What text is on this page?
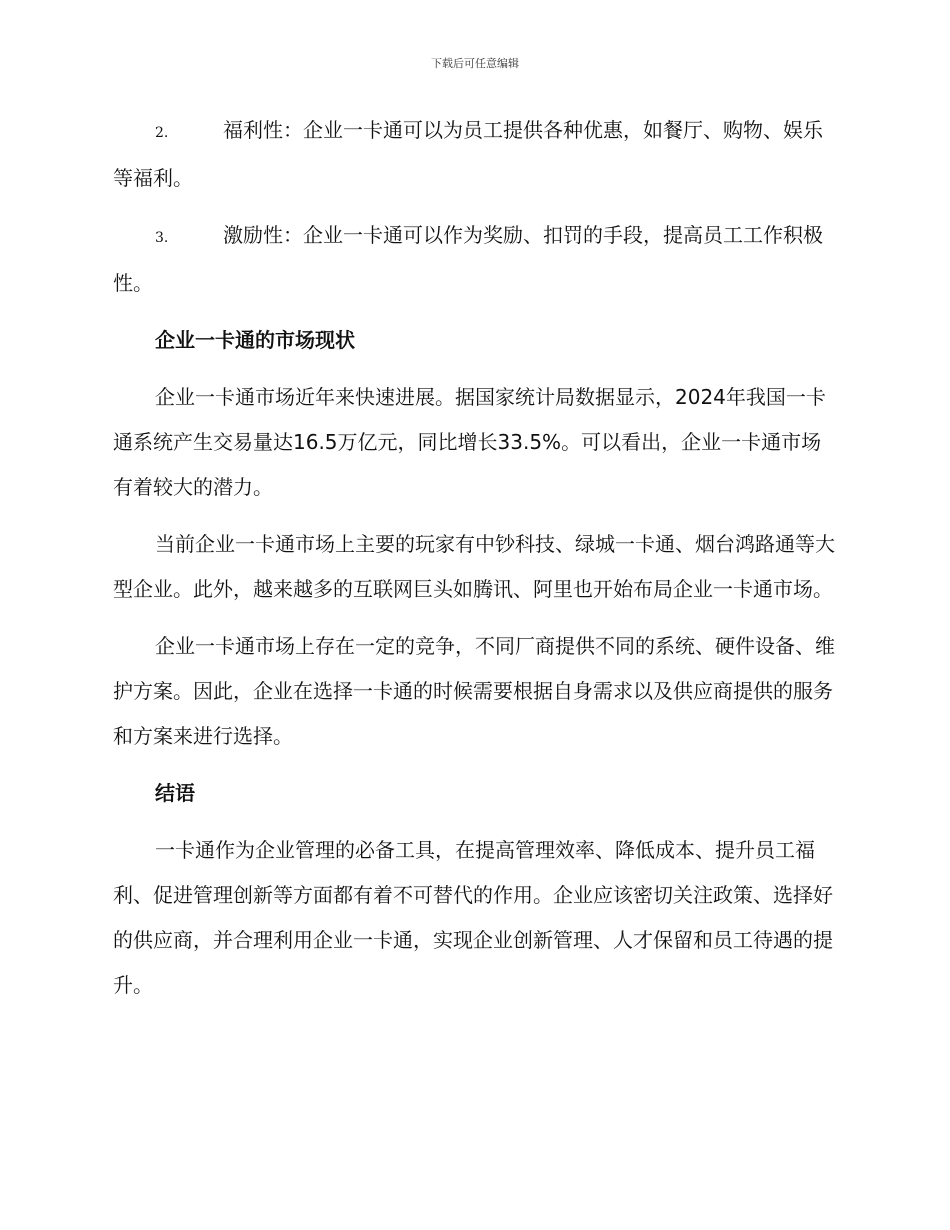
下载后可任意编辑

2.	福利性：企业一卡通可以为员工提供各种优惠，如餐厅、购物、娱乐等福利。

3.	激励性：企业一卡通可以作为奖励、扣罚的手段，提高员工工作积极性。

企业一卡通的市场现状

企业一卡通市场近年来快速进展。据国家统计局数据显示，2024年我国一卡通系统产生交易量达16.5万亿元，同比增长33.5%。可以看出，企业一卡通市场有着较大的潜力。

当前企业一卡通市场上主要的玩家有中钞科技、绿城一卡通、烟台鸿路通等大型企业。此外，越来越多的互联网巨头如腾讯、阿里也开始布局企业一卡通市场。

企业一卡通市场上存在一定的竞争，不同厂商提供不同的系统、硬件设备、维护方案。因此，企业在选择一卡通的时候需要根据自身需求以及供应商提供的服务和方案来进行选择。

结语

一卡通作为企业管理的必备工具，在提高管理效率、降低成本、提升员工福利、促进管理创新等方面都有着不可替代的作用。企业应该密切关注政策、选择好的供应商，并合理利用企业一卡通，实现企业创新管理、人才保留和员工待遇的提升。
